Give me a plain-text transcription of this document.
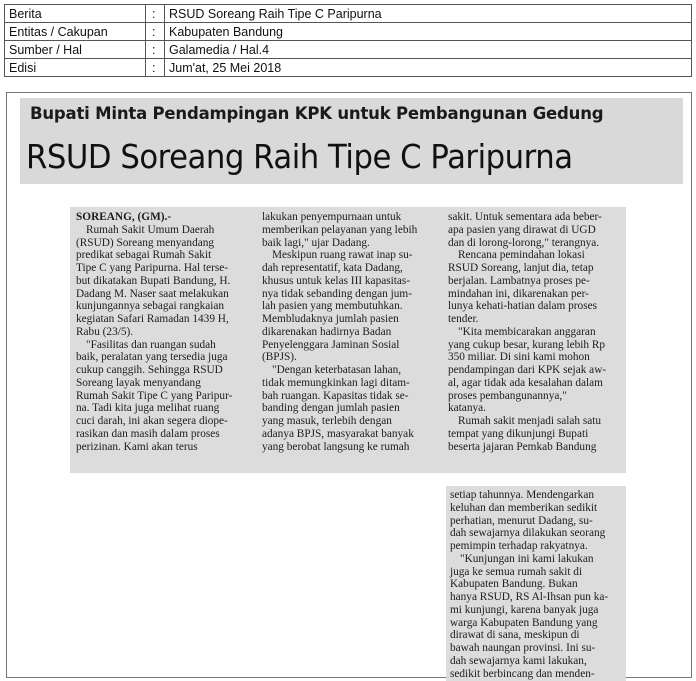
Berita	:	RSUD Soreang Raih Tipe C Paripurna
Entitas / Cakupan	:	Kabupaten Bandung
Sumber / Hal	:	Galamedia / Hal.4
Edisi	:	Jum'at, 25 Mei 2018
Bupati Minta Pendampingan KPK untuk Pembangunan Gedung
RSUD Soreang Raih Tipe C Paripurna
SOREANG, (GM).-
Rumah Sakit Umum Daerah
(RSUD) Soreang menyandang
predikat sebagai Rumah Sakit
Tipe C yang Paripurna. Hal terse-
but dikatakan Bupati Bandung, H.
Dadang M. Naser saat melakukan
kunjungannya sebagai rangkaian
kegiatan Safari Ramadan 1439 H,
Rabu (23/5).
"Fasilitas dan ruangan sudah
baik, peralatan yang tersedia juga
cukup canggih. Sehingga RSUD
Soreang layak menyandang
Rumah Sakit Tipe C yang Paripur-
na. Tadi kita juga melihat ruang
cuci darah, ini akan segera diope-
rasikan dan masih dalam proses
perizinan. Kami akan terus
lakukan penyempurnaan untuk
memberikan pelayanan yang lebih
baik lagi," ujar Dadang.
Meskipun ruang rawat inap su-
dah representatif, kata Dadang,
khusus untuk kelas III kapasitas-
nya tidak sebanding dengan jum-
lah pasien yang membutuhkan.
Membludaknya jumlah pasien
dikarenakan hadirnya Badan
Penyelenggara Jaminan Sosial
(BPJS).
"Dengan keterbatasan lahan,
tidak memungkinkan lagi ditam-
bah ruangan. Kapasitas tidak se-
banding dengan jumlah pasien
yang masuk, terlebih dengan
adanya BPJS, masyarakat banyak
yang berobat langsung ke rumah
sakit. Untuk sementara ada beber-
apa pasien yang dirawat di UGD
dan di lorong-lorong," terangnya.
Rencana pemindahan lokasi
RSUD Soreang, lanjut dia, tetap
berjalan. Lambatnya proses pe-
mindahan ini, dikarenakan per-
lunya kehati-hatian dalam proses
tender.
"Kita membicarakan anggaran
yang cukup besar, kurang lebih Rp
350 miliar. Di sini kami mohon
pendampingan dari KPK sejak aw-
al, agar tidak ada kesalahan dalam
proses pembangunannya,"
katanya.
Rumah sakit menjadi salah satu
tempat yang dikunjungi Bupati
beserta jajaran Pemkab Bandung
setiap tahunnya. Mendengarkan
keluhan dan memberikan sedikit
perhatian, menurut Dadang, su-
dah sewajarnya dilakukan seorang
pemimpin terhadap rakyatnya.
"Kunjungan ini kami lakukan
juga ke semua rumah sakit di
Kabupaten Bandung. Bukan
hanya RSUD, RS Al-Ihsan pun ka-
mi kunjungi, karena banyak juga
warga Kabupaten Bandung yang
dirawat di sana, meskipun di
bawah naungan provinsi. Ini su-
dah sewajarnya kami lakukan,
sedikit berbincang dan menden-
